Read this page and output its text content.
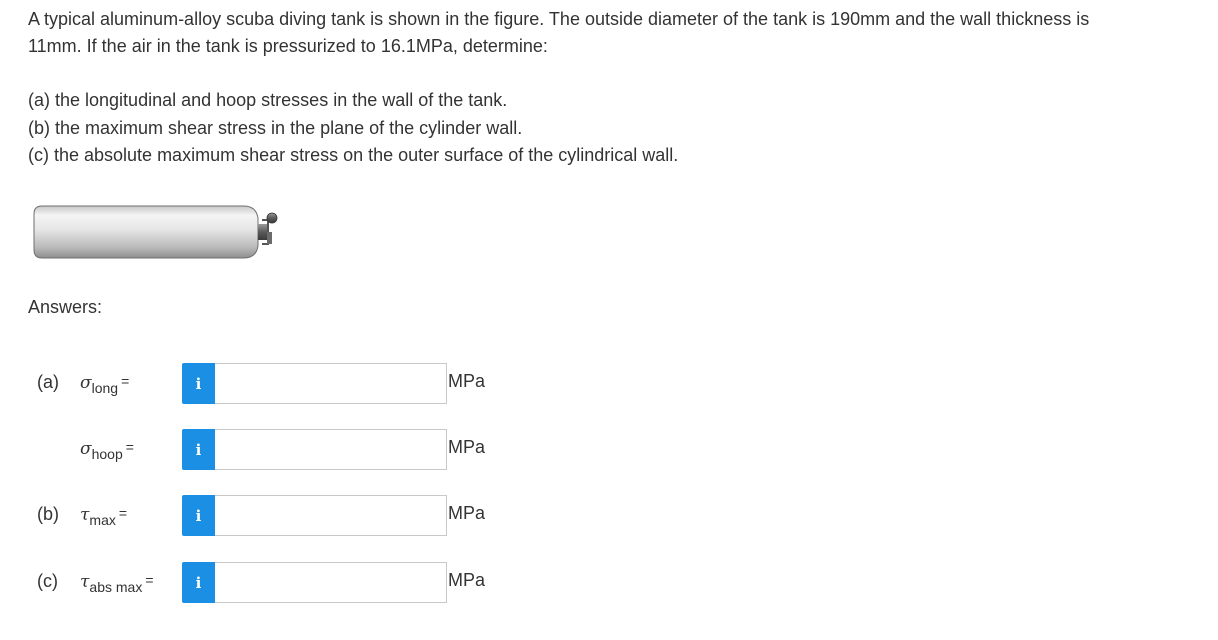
A typical aluminum-alloy scuba diving tank is shown in the figure. The outside diameter of the tank is 190mm and the wall thickness is

11mm. If the air in the tank is pressurized to 16.1MPa, determine:

(a) the longitudinal and hoop stresses in the wall of the tank.
(b) the maximum shear stress in the plane of the cylinder wall.
(c) the absolute maximum shear stress on the outer surface of the cylindrical wall.
Answers:
(a) $\sigma_{long}$ =	i	MPa
$\sigma_{hoop}$ =	i	MPa
(b) $\tau_{max}$ =	i	MPa
(c) $\tau_{abs max}$ =	i	MPa
